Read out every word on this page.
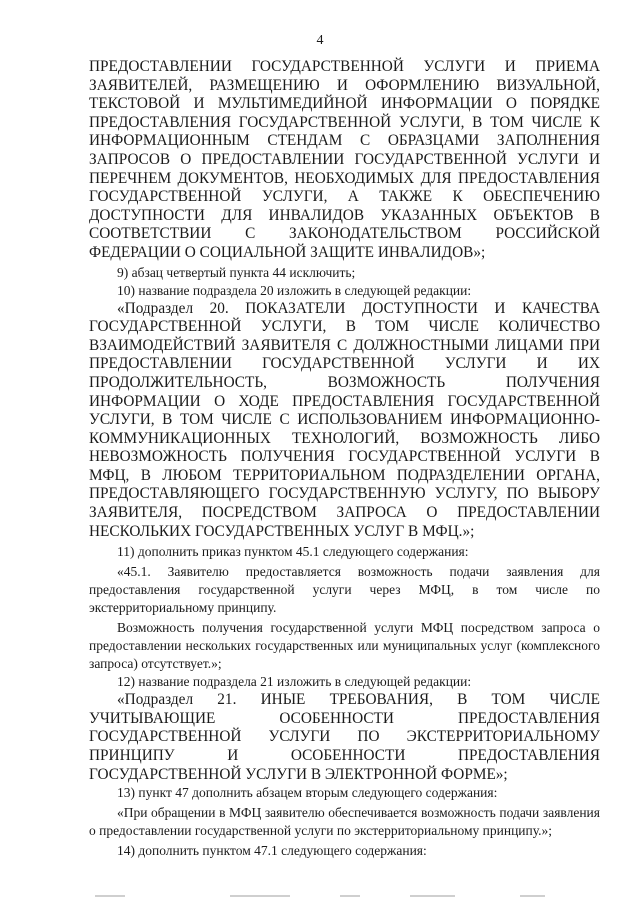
4

ПРЕДОСТАВЛЕНИИ ГОСУДАРСТВЕННОЙ УСЛУГИ И ПРИЕМА ЗАЯВИТЕЛЕЙ, РАЗМЕЩЕНИЮ И ОФОРМЛЕНИЮ ВИЗУАЛЬНОЙ, ТЕКСТОВОЙ И МУЛЬТИМЕДИЙНОЙ ИНФОРМАЦИИ О ПОРЯДКЕ ПРЕДОСТАВЛЕНИЯ ГОСУДАРСТВЕННОЙ УСЛУГИ, В ТОМ ЧИСЛЕ К ИНФОРМАЦИОННЫМ СТЕНДАМ С ОБРАЗЦАМИ ЗАПОЛНЕНИЯ ЗАПРОСОВ О ПРЕДОСТАВЛЕНИИ ГОСУДАРСТВЕННОЙ УСЛУГИ И ПЕРЕЧНЕМ ДОКУМЕНТОВ, НЕОБХОДИМЫХ ДЛЯ ПРЕДОСТАВЛЕНИЯ ГОСУДАРСТВЕННОЙ УСЛУГИ, А ТАКЖЕ К ОБЕСПЕЧЕНИЮ ДОСТУПНОСТИ ДЛЯ ИНВАЛИДОВ УКАЗАННЫХ ОБЪЕКТОВ В СООТВЕТСТВИИ С ЗАКОНОДАТЕЛЬСТВОМ РОССИЙСКОЙ ФЕДЕРАЦИИ О СОЦИАЛЬНОЙ ЗАЩИТЕ ИНВАЛИДОВ»;

9) абзац четвертый пункта 44 исключить;

10) название подраздела 20 изложить в следующей редакции:

«Подраздел 20. ПОКАЗАТЕЛИ ДОСТУПНОСТИ И КАЧЕСТВА ГОСУДАРСТВЕННОЙ УСЛУГИ, В ТОМ ЧИСЛЕ КОЛИЧЕСТВО ВЗАИМОДЕЙСТВИЙ ЗАЯВИТЕЛЯ С ДОЛЖНОСТНЫМИ ЛИЦАМИ ПРИ ПРЕДОСТАВЛЕНИИ ГОСУДАРСТВЕННОЙ УСЛУГИ И ИХ ПРОДОЛЖИТЕЛЬНОСТЬ, ВОЗМОЖНОСТЬ ПОЛУЧЕНИЯ ИНФОРМАЦИИ О ХОДЕ ПРЕДОСТАВЛЕНИЯ ГОСУДАРСТВЕННОЙ УСЛУГИ, В ТОМ ЧИСЛЕ С ИСПОЛЬЗОВАНИЕМ ИНФОРМАЦИОННО-КОММУНИКАЦИОННЫХ ТЕХНОЛОГИЙ, ВОЗМОЖНОСТЬ ЛИБО НЕВОЗМОЖНОСТЬ ПОЛУЧЕНИЯ ГОСУДАРСТВЕННОЙ УСЛУГИ В МФЦ, В ЛЮБОМ ТЕРРИТОРИАЛЬНОМ ПОДРАЗДЕЛЕНИИ ОРГАНА, ПРЕДОСТАВЛЯЮЩЕГО ГОСУДАРСТВЕННУЮ УСЛУГУ, ПО ВЫБОРУ ЗАЯВИТЕЛЯ, ПОСРЕДСТВОМ ЗАПРОСА О ПРЕДОСТАВЛЕНИИ НЕСКОЛЬКИХ ГОСУДАРСТВЕННЫХ УСЛУГ В МФЦ.»;

11) дополнить приказ пунктом 45.1 следующего содержания:

«45.1. Заявителю предоставляется возможность подачи заявления для предоставления государственной услуги через МФЦ, в том числе по экстерриториальному принципу.

Возможность получения государственной услуги МФЦ посредством запроса о предоставлении нескольких государственных или муниципальных услуг (комплексного запроса) отсутствует.»;

12) название подраздела 21 изложить в следующей редакции:

«Подраздел 21. ИНЫЕ ТРЕБОВАНИЯ, В ТОМ ЧИСЛЕ УЧИТЫВАЮЩИЕ ОСОБЕННОСТИ ПРЕДОСТАВЛЕНИЯ ГОСУДАРСТВЕННОЙ УСЛУГИ ПО ЭКСТЕРРИТОРИАЛЬНОМУ ПРИНЦИПУ И ОСОБЕННОСТИ ПРЕДОСТАВЛЕНИЯ ГОСУДАРСТВЕННОЙ УСЛУГИ В ЭЛЕКТРОННОЙ ФОРМЕ»;

13) пункт 47 дополнить абзацем вторым следующего содержания:

«При обращении в МФЦ заявителю обеспечивается возможность подачи заявления о предоставлении государственной услуги по экстерриториальному принципу.»;

14) дополнить пунктом 47.1 следующего содержания:
